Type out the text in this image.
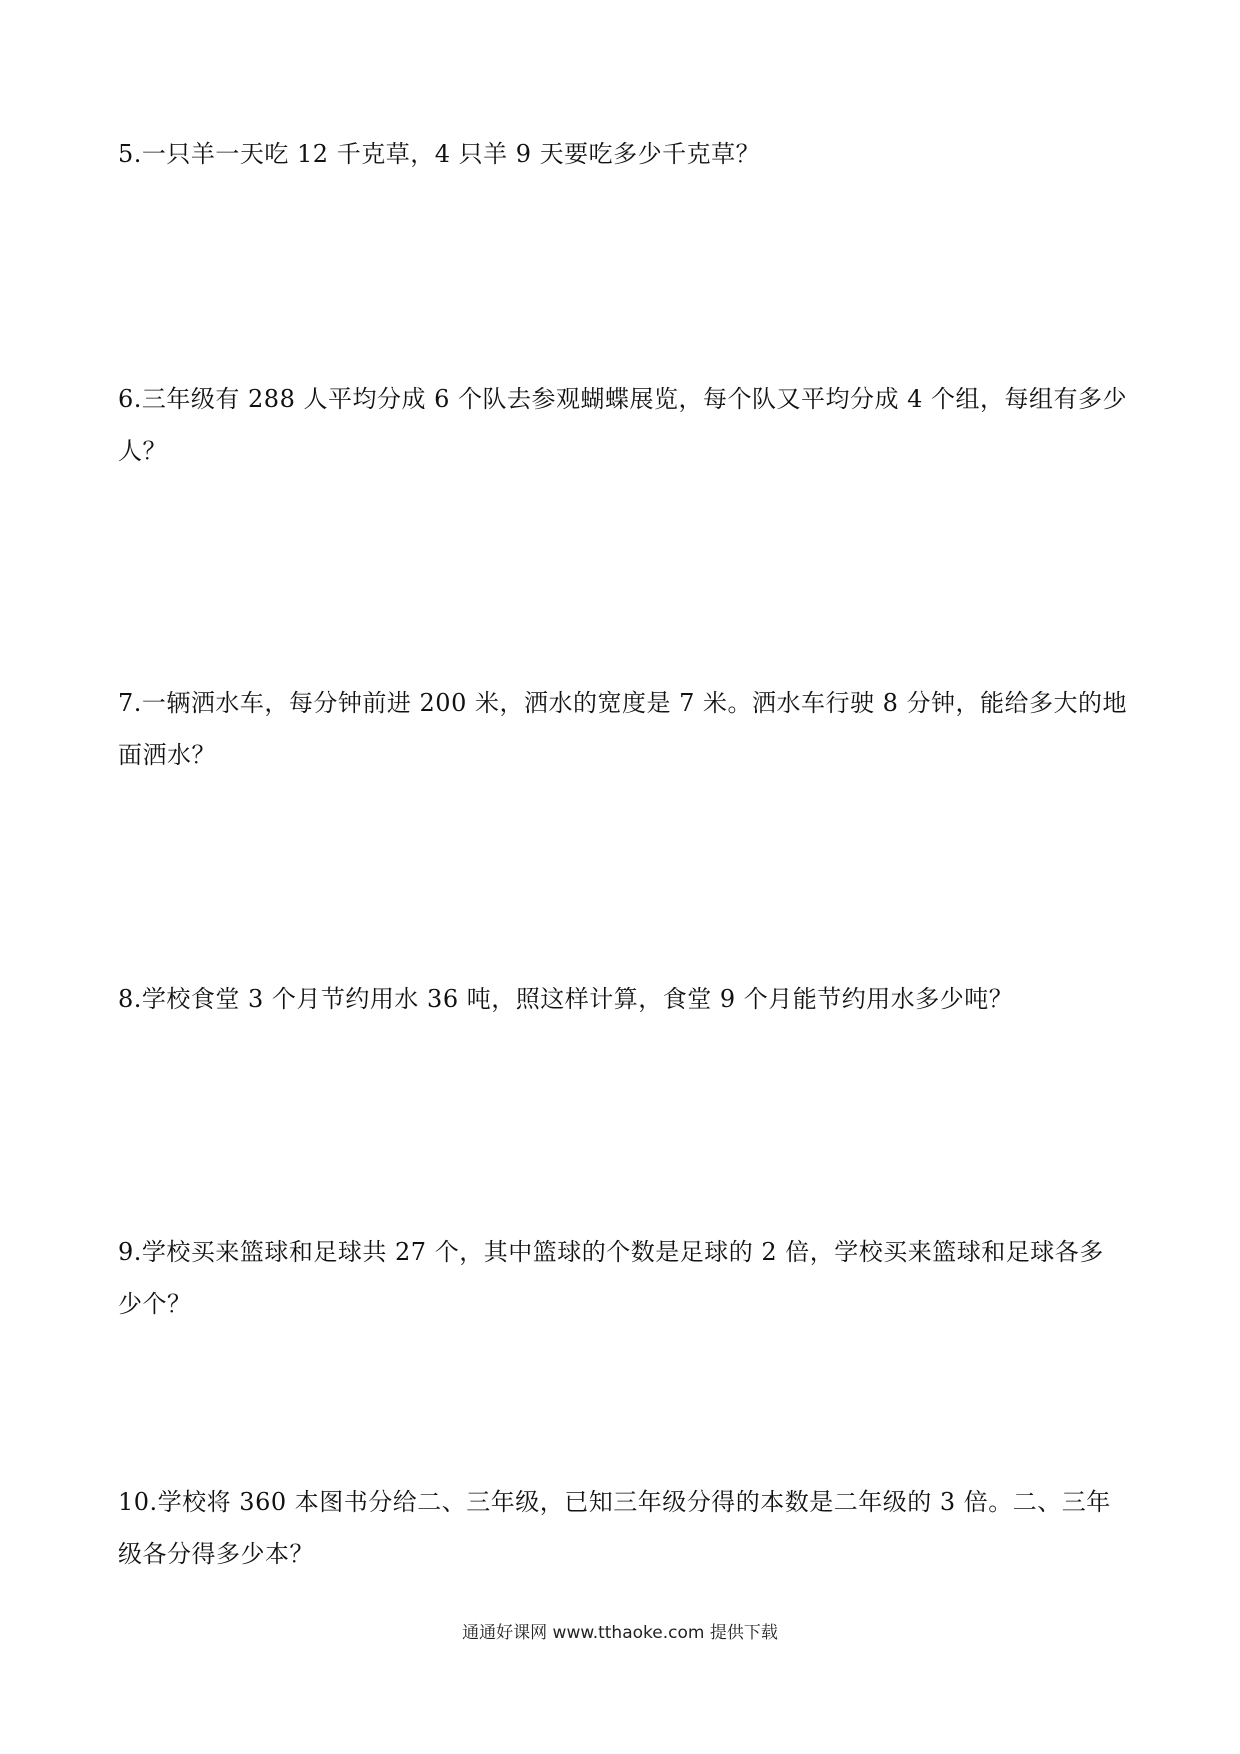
5.一只羊一天吃 12 千克草，4 只羊 9 天要吃多少千克草？
6.三年级有 288 人平均分成 6 个队去参观蝴蝶展览，每个队又平均分成 4 个组，每组有多少人？
7.一辆洒水车，每分钟前进 200 米，洒水的宽度是 7 米。洒水车行驶 8 分钟，能给多大的地面洒水？
8.学校食堂 3 个月节约用水 36 吨，照这样计算，食堂 9 个月能节约用水多少吨？
9.学校买来篮球和足球共 27 个，其中篮球的个数是足球的 2 倍，学校买来篮球和足球各多少个？
10.学校将 360 本图书分给二、三年级，已知三年级分得的本数是二年级的 3 倍。二、三年级各分得多少本？
通通好课网 www.tthaoke.com 提供下载
